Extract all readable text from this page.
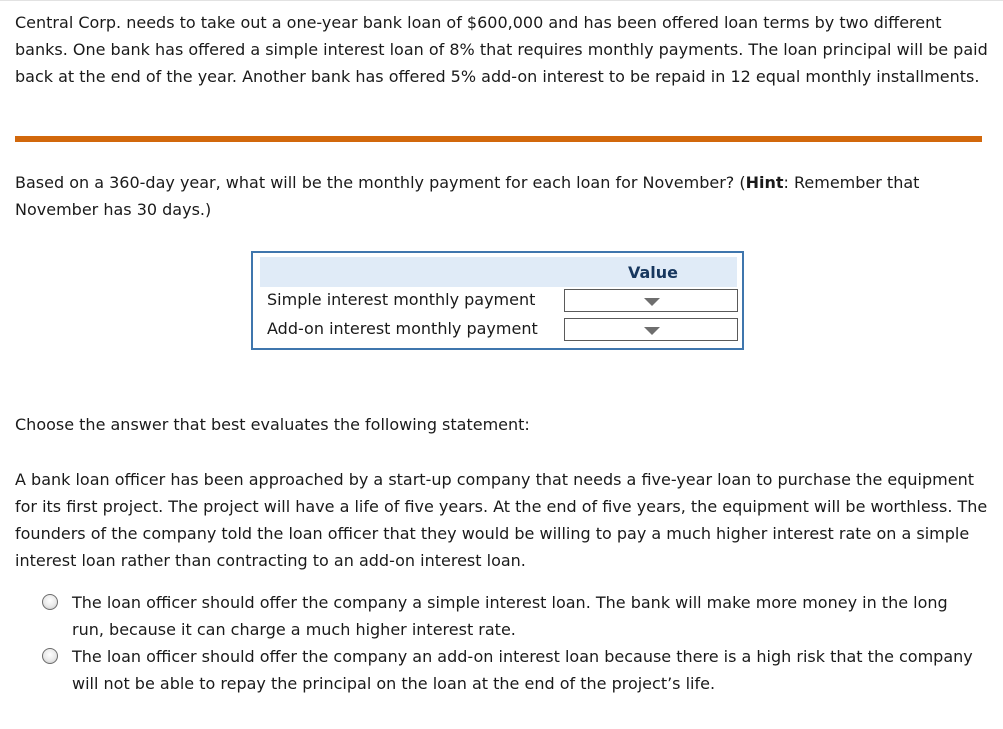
Central Corp. needs to take out a one-year bank loan of $600,000 and has been offered loan terms by two different banks. One bank has offered a simple interest loan of 8% that requires monthly payments. The loan principal will be paid back at the end of the year. Another bank has offered 5% add-on interest to be repaid in 12 equal monthly installments.

Based on a 360-day year, what will be the monthly payment for each loan for November? (Hint: Remember that November has 30 days.)

Value
Simple interest monthly payment
Add-on interest monthly payment

Choose the answer that best evaluates the following statement:

A bank loan officer has been approached by a start-up company that needs a five-year loan to purchase the equipment for its first project. The project will have a life of five years. At the end of five years, the equipment will be worthless. The founders of the company told the loan officer that they would be willing to pay a much higher interest rate on a simple interest loan rather than contracting to an add-on interest loan.

The loan officer should offer the company a simple interest loan. The bank will make more money in the long run, because it can charge a much higher interest rate.
The loan officer should offer the company an add-on interest loan because there is a high risk that the company will not be able to repay the principal on the loan at the end of the project’s life.
